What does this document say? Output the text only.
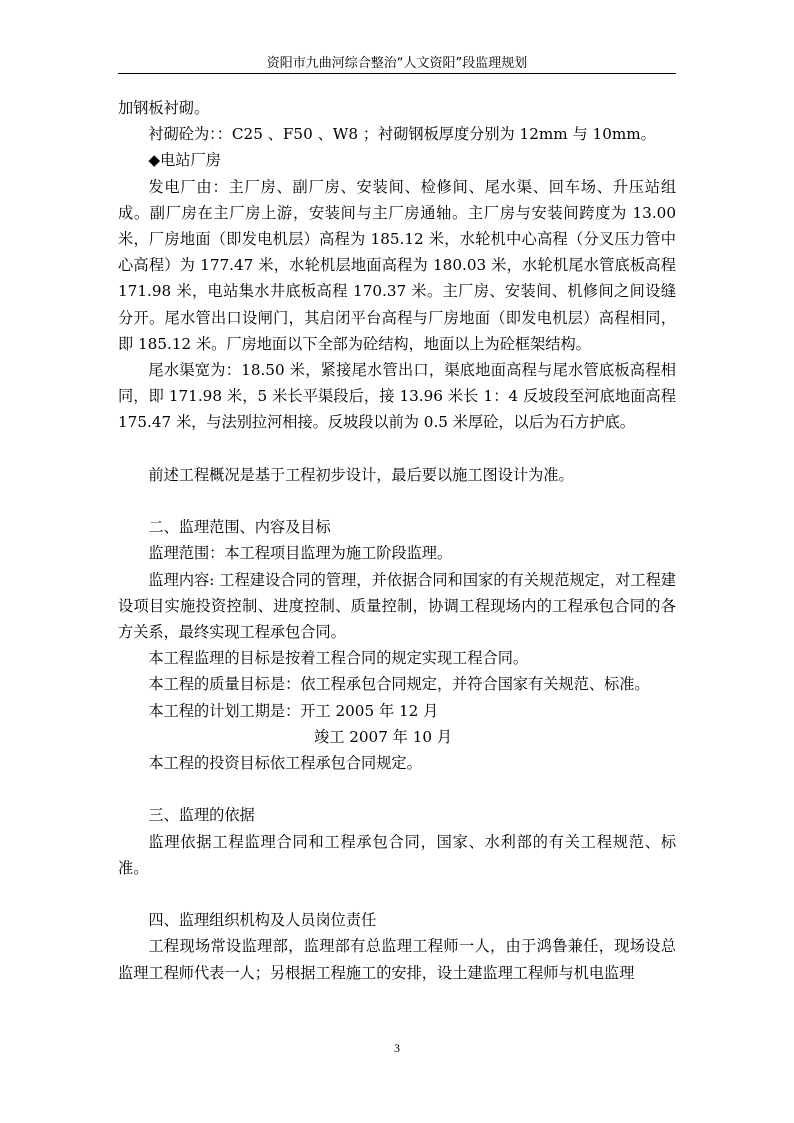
资阳市九曲河综合整治“人文资阳”段监理规划

加钢板衬砌。

衬砌砼为：：C25 、F50 、W8 ；衬砌钢板厚度分别为 12mm 与 10mm。

◆电站厂房

发电厂由：主厂房、副厂房、安装间、检修间、尾水渠、回车场、升压站组成。副厂房在主厂房上游，安装间与主厂房通轴。主厂房与安装间跨度为 13.00 米，厂房地面（即发电机层）高程为 185.12 米，水轮机中心高程（分叉压力管中心高程）为 177.47 米，水轮机层地面高程为 180.03 米，水轮机尾水管底板高程 171.98 米，电站集水井底板高程 170.37 米。主厂房、安装间、机修间之间设缝分开。尾水管出口设闸门，其启闭平台高程与厂房地面（即发电机层）高程相同，即 185.12 米。厂房地面以下全部为砼结构，地面以上为砼框架结构。

尾水渠宽为：18.50 米，紧接尾水管出口，渠底地面高程与尾水管底板高程相同，即 171.98 米，5 米长平渠段后，接 13.96 米长 1：4 反坡段至河底地面高程 175.47 米，与法别拉河相接。反坡段以前为 0.5 米厚砼，以后为石方护底。

前述工程概况是基于工程初步设计，最后要以施工图设计为准。

二、监理范围、内容及目标

监理范围：本工程项目监理为施工阶段监理。

监理内容: 工程建设合同的管理，并依据合同和国家的有关规范规定，对工程建设项目实施投资控制、进度控制、质量控制，协调工程现场内的工程承包合同的各方关系，最终实现工程承包合同。

本工程监理的目标是按着工程合同的规定实现工程合同。

本工程的质量目标是：依工程承包合同规定，并符合国家有关规范、标准。

本工程的计划工期是：开工 2005 年 12 月

竣工 2007 年 10 月

本工程的投资目标依工程承包合同规定。

三、监理的依据

监理依据工程监理合同和工程承包合同，国家、水利部的有关工程规范、标准。

四、监理组织机构及人员岗位责任

工程现场常设监理部，监理部有总监理工程师一人，由于鸿鲁兼任，现场设总监理工程师代表一人；另根据工程施工的安排，设土建监理工程师与机电监理

3
